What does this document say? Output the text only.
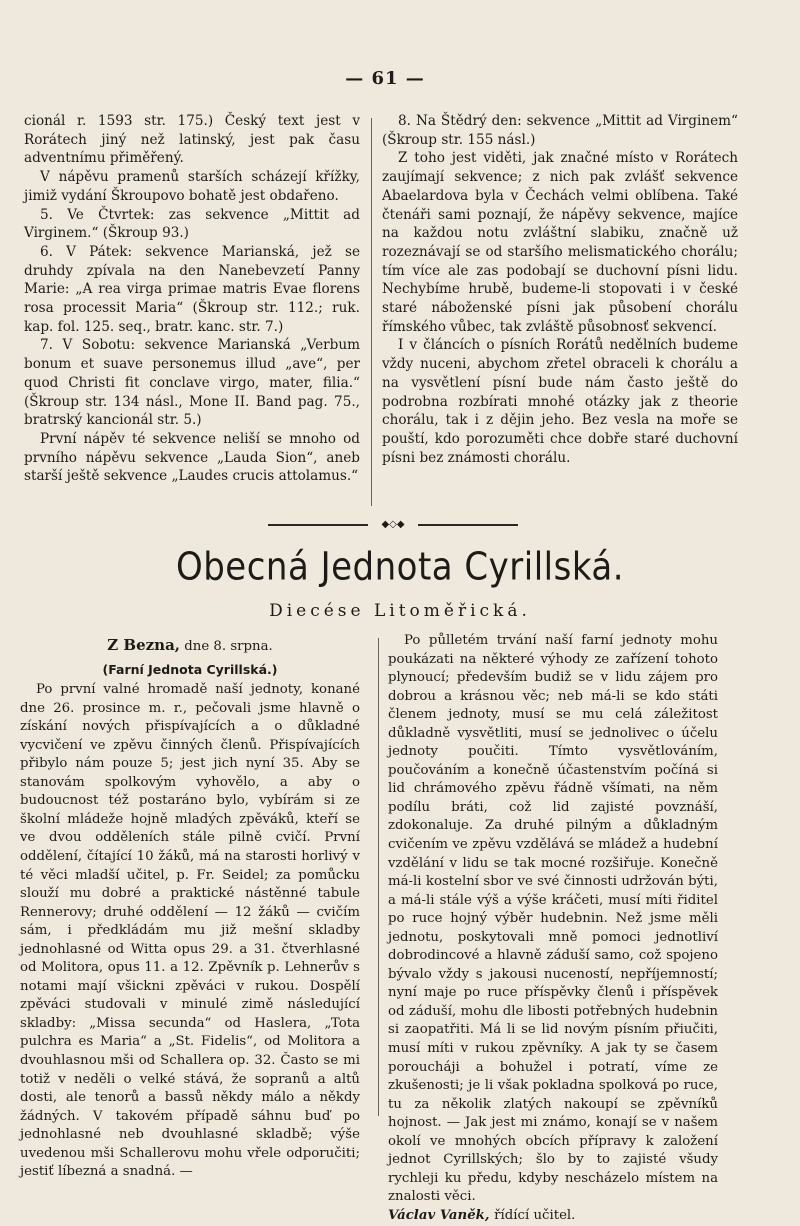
— 61 —

cionál r. 1593 str. 175.) Český text jest v Rorátech jiný než latinský, jest pak času adventnímu přiměřený.

V nápěvu pramenů starších scházejí křížky, jimiž vydání Škroupovo bohatě jest obdařeno.

5. Ve Čtvrtek: zas sekvence „Mittit ad Virginem.“ (Škroup 93.)

6. V Pátek: sekvence Marianská, jež se druhdy zpívala na den Nanebevzetí Panny Marie: „A rea virga primae matris Evae florens rosa processit Maria“ (Škroup str. 112.; ruk. kap. fol. 125. seq., bratr. kanc. str. 7.)

7. V Sobotu: sekvence Marianská „Verbum bonum et suave personemus illud „ave“, per quod Christi fit conclave virgo, mater, filia.“ (Škroup str. 134 násl., Mone II. Band pag. 75., bratrský kancionál str. 5.)

První nápěv té sekvence neliší se mnoho od prvního nápěvu sekvence „Lauda Sion“, aneb starší ještě sekvence „Laudes crucis attolamus.“

8. Na Štědrý den: sekvence „Mittit ad Virginem“ (Škroup str. 155 násl.)

Z toho jest viděti, jak značné místo v Rorátech zaujímají sekvence; z nich pak zvlášť sekvence Abaelardova byla v Čechách velmi oblíbena. Také čtenáři sami poznají, že nápěvy sekvence, majíce na každou notu zvláštní slabiku, značně už rozeznávají se od staršího melismatického chorálu; tím více ale zas podobají se duchovní písni lidu. Nechybíme hrubě, budeme-li stopovati i v české staré náboženské písni jak působení chorálu římského vůbec, tak zvláště působnosť sekvencí.

I v článcích o písních Rorátů nedělních budeme vždy nuceni, abychom zřetel obraceli k chorálu a na vysvětlení písní bude nám často ještě do podrobna rozbírati mnohé otázky jak z theorie chorálu, tak i z dějin jeho. Bez vesla na moře se pouští, kdo porozuměti chce dobře staré duchovní písni bez známosti chorálu.

◆◇◆
Obecná Jednota Cyrillská.
Diecése Litoměřická.
Z Bezna, dne 8. srpna.
(Farní Jednota Cyrillská.)

Po první valné hromadě naší jednoty, konané dne 26. prosince m. r., pečovali jsme hlavně o získání nových přispívajících a o důkladné vycvičení ve zpěvu činných členů. Přispívajících přibylo nám pouze 5; jest jich nyní 35. Aby se stanovám spolkovým vyhovělo, a aby o budoucnost též postaráno bylo, vybírám si ze školní mládeže hojně mladých zpěváků, kteří se ve dvou odděleních stále pilně cvičí. První oddělení, čítající 10 žáků, má na starosti horlivý v té věci mladší učitel, p. Fr. Seidel; za pomůcku slouží mu dobré a praktické nástěnné tabule Rennerovy; druhé oddělení — 12 žáků — cvičím sám, i předkládám mu již mešní skladby jednohlasné od Witta opus 29. a 31. čtverhlasné od Molitora, opus 11. a 12. Zpěvník p. Lehnerův s notami mají všickni zpěváci v rukou. Dospělí zpěváci studovali v minulé zimě následující skladby: „Missa secunda“ od Haslera, „Tota pulchra es Maria“ a „St. Fidelis“, od Molitora a dvouhlasnou mši od Schallera op. 32. Často se mi totiž v neděli o velké stává, že sopranů a altů dosti, ale tenorů a bassů někdy málo a někdy žádných. V takovém případě sáhnu buď po jednohlasné neb dvouhlasné skladbě; výše uvedenou mši Schallerovu mohu vřele odporučiti; jestiť líbezná a snadná. —

Po půlletém trvání naší farní jednoty mohu poukázati na některé výhody ze zařízení tohoto plynoucí; především budiž se v lidu zájem pro dobrou a krásnou věc; neb má-li se kdo státi členem jednoty, musí se mu celá záležitost důkladně vysvětliti, musí se jednolivec o účelu jednoty poučiti. Tímto vysvětlováním, poučováním a konečně účastenstvím počíná si lid chrámového zpěvu řádně všímati, na něm podílu bráti, což lid zajisté povznáší, zdokonaluje. Za druhé pilným a důkladným cvičením ve zpěvu vzdělává se mládež a hudební vzdělání v lidu se tak mocné rozšiřuje. Konečně má-li kostelní sbor ve své činnosti udržován býti, a má-li stále výš a výše kráčeti, musí míti řiditel po ruce hojný výběr hudebnin. Než jsme měli jednotu, poskytovali mně pomoci jednotliví dobrodincové a hlavně záduší samo, což spojeno bývalo vždy s jakousi nuceností, nepříjemností; nyní maje po ruce příspěvky členů i příspěvek od záduší, mohu dle libosti potřebných hudebnin si zaopatřiti. Má li se lid novým písním přiučiti, musí míti v rukou zpěvníky. A jak ty se časem poroucháji a bohužel i potratí, víme ze zkušenosti; je li však pokladna spolková po ruce, tu za několik zlatých nakoupí se zpěvníků hojnost. — Jak jest mi známo, konají se v našem okolí ve mnohých obcích přípravy k založení jednot Cyrillských; šlo by to zajisté všudy rychleji ku předu, kdyby nescházelo místem na znalosti věci.

Václav Vaněk, řídící učitel.
